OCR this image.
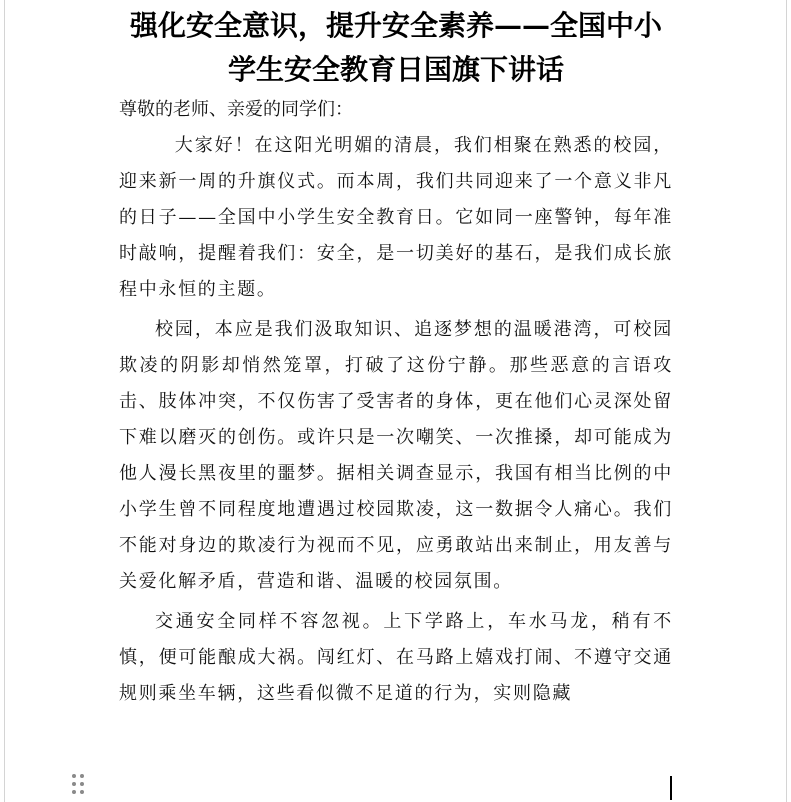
强化安全意识，提升安全素养——全国中小学生安全教育日国旗下讲话

尊敬的老师、亲爱的同学们：

大家好！在这阳光明媚的清晨，我们相聚在熟悉的校园，迎来新一周的升旗仪式。而本周，我们共同迎来了一个意义非凡的日子——全国中小学生安全教育日。它如同一座警钟，每年准时敲响，提醒着我们：安全，是一切美好的基石，是我们成长旅程中永恒的主题。

校园，本应是我们汲取知识、追逐梦想的温暖港湾，可校园欺凌的阴影却悄然笼罩，打破了这份宁静。那些恶意的言语攻击、肢体冲突，不仅伤害了受害者的身体，更在他们心灵深处留下难以磨灭的创伤。或许只是一次嘲笑、一次推搡，却可能成为他人漫长黑夜里的噩梦。据相关调查显示，我国有相当比例的中小学生曾不同程度地遭遇过校园欺凌，这一数据令人痛心。我们不能对身边的欺凌行为视而不见，应勇敢站出来制止，用友善与关爱化解矛盾，营造和谐、温暖的校园氛围。

交通安全同样不容忽视。上下学路上，车水马龙，稍有不慎，便可能酿成大祸。闯红灯、在马路上嬉戏打闹、不遵守交通规则乘坐车辆，这些看似微不足道的行为，实则隐藏
